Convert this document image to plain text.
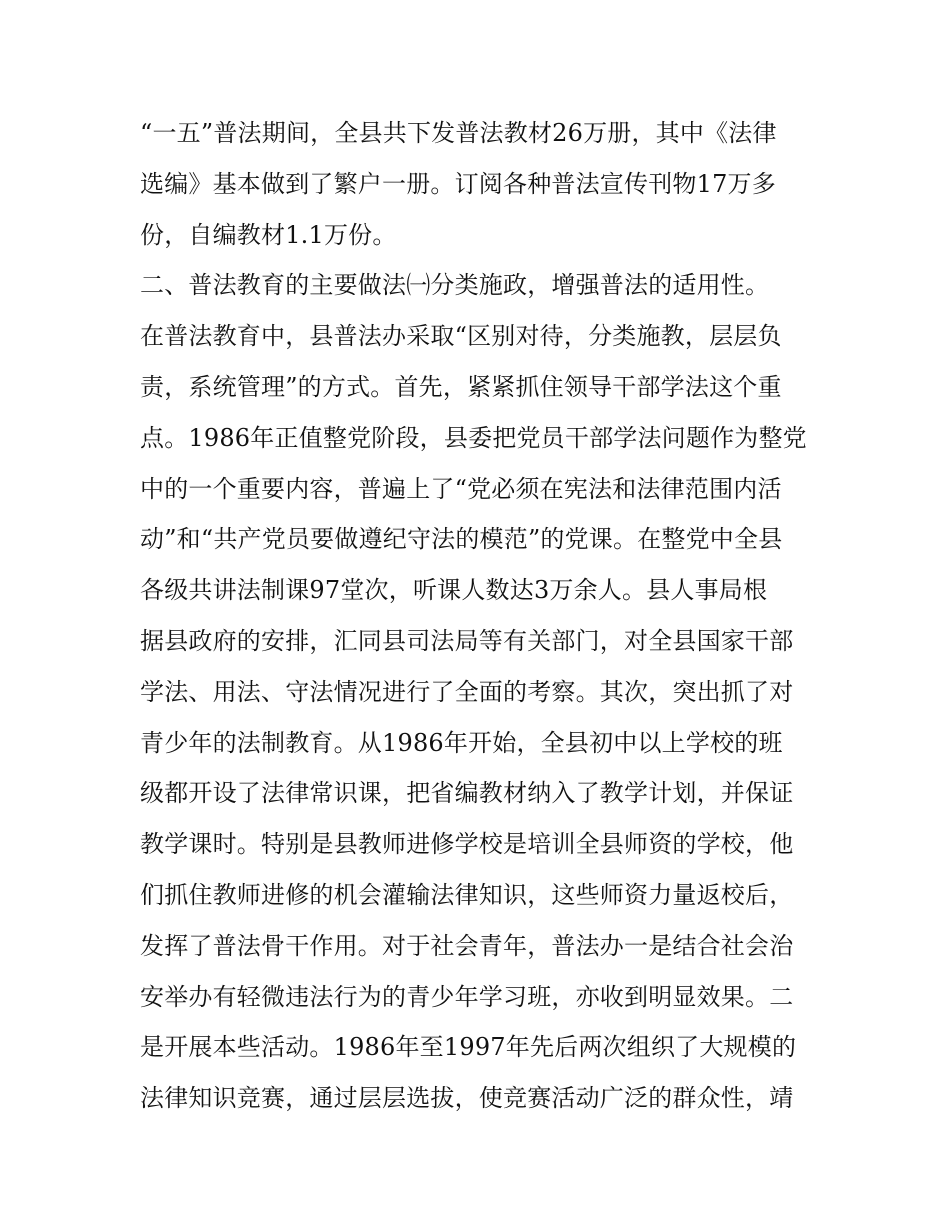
“一五”普法期间，全县共下发普法教材26万册，其中《法律
选编》基本做到了繁户一册。订阅各种普法宣传刊物17万多
份，自编教材1.1万份。
二、普法教育的主要做法㈠分类施政，增强普法的适用性。
在普法教育中，县普法办采取“区别对待，分类施教，层层负
责，系统管理”的方式。首先，紧紧抓住领导干部学法这个重
点。1986年正值整党阶段，县委把党员干部学法问题作为整党
中的一个重要内容，普遍上了“党必须在宪法和法律范围内活
动”和“共产党员要做遵纪守法的模范”的党课。在整党中全县
各级共讲法制课97堂次，听课人数达3万余人。县人事局根
据县政府的安排，汇同县司法局等有关部门，对全县国家干部
学法、用法、守法情况进行了全面的考察。其次，突出抓了对
青少年的法制教育。从1986年开始，全县初中以上学校的班
级都开设了法律常识课，把省编教材纳入了教学计划，并保证
教学课时。特别是县教师进修学校是培训全县师资的学校，他
们抓住教师进修的机会灌输法律知识，这些师资力量返校后，
发挥了普法骨干作用。对于社会青年，普法办一是结合社会治
安举办有轻微违法行为的青少年学习班，亦收到明显效果。二
是开展本些活动。1986年至1997年先后两次组织了大规模的
法律知识竞赛，通过层层选拔，使竞赛活动广泛的群众性，靖
